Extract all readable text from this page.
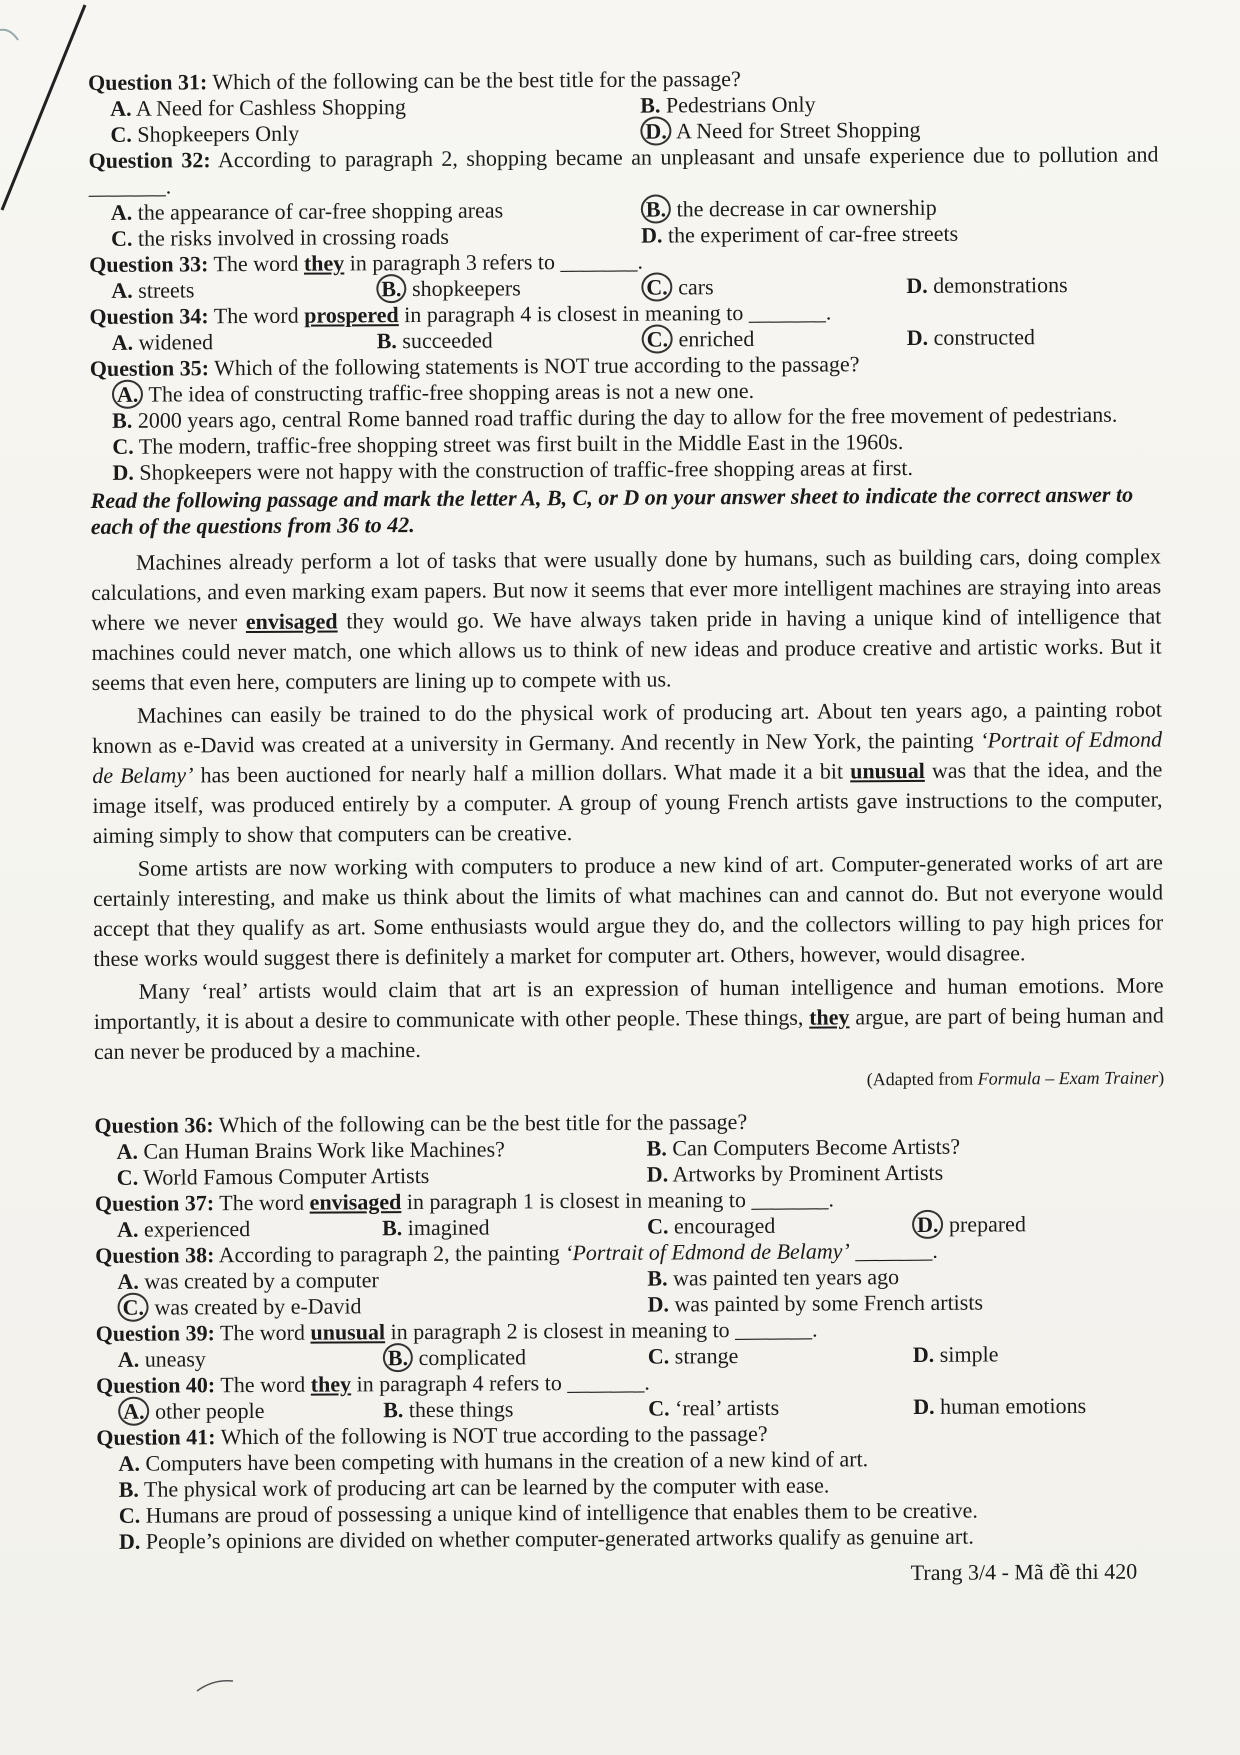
Question 31: Which of the following can be the best title for the passage?
A. A Need for Cashless Shopping	B. Pedestrians Only
C. Shopkeepers Only	D. A Need for Street Shopping
Question 32: According to paragraph 2, shopping became an unpleasant and unsafe experience due to pollution and _______.
A. the appearance of car-free shopping areas	B. the decrease in car ownership
C. the risks involved in crossing roads	D. the experiment of car-free streets
Question 33: The word they in paragraph 3 refers to _______.
A. streets	B. shopkeepers	C. cars	D. demonstrations
Question 34: The word prospered in paragraph 4 is closest in meaning to _______.
A. widened	B. succeeded	C. enriched	D. constructed
Question 35: Which of the following statements is NOT true according to the passage?
A. The idea of constructing traffic-free shopping areas is not a new one.
B. 2000 years ago, central Rome banned road traffic during the day to allow for the free movement of pedestrians.
C. The modern, traffic-free shopping street was first built in the Middle East in the 1960s.
D. Shopkeepers were not happy with the construction of traffic-free shopping areas at first.
Read the following passage and mark the letter A, B, C, or D on your answer sheet to indicate the correct answer to each of the questions from 36 to 42.

Machines already perform a lot of tasks that were usually done by humans, such as building cars, doing complex calculations, and even marking exam papers. But now it seems that ever more intelligent machines are straying into areas where we never envisaged they would go. We have always taken pride in having a unique kind of intelligence that machines could never match, one which allows us to think of new ideas and produce creative and artistic works. But it seems that even here, computers are lining up to compete with us.

Machines can easily be trained to do the physical work of producing art. About ten years ago, a painting robot known as e-David was created at a university in Germany. And recently in New York, the painting ‘Portrait of Edmond de Belamy’ has been auctioned for nearly half a million dollars. What made it a bit unusual was that the idea, and the image itself, was produced entirely by a computer. A group of young French artists gave instructions to the computer, aiming simply to show that computers can be creative.

Some artists are now working with computers to produce a new kind of art. Computer-generated works of art are certainly interesting, and make us think about the limits of what machines can and cannot do. But not everyone would accept that they qualify as art. Some enthusiasts would argue they do, and the collectors willing to pay high prices for these works would suggest there is definitely a market for computer art. Others, however, would disagree.

Many ‘real’ artists would claim that art is an expression of human intelligence and human emotions. More importantly, it is about a desire to communicate with other people. These things, they argue, are part of being human and can never be produced by a machine.

(Adapted from Formula – Exam Trainer)
Question 36: Which of the following can be the best title for the passage?
A. Can Human Brains Work like Machines?	B. Can Computers Become Artists?
C. World Famous Computer Artists	D. Artworks by Prominent Artists
Question 37: The word envisaged in paragraph 1 is closest in meaning to _______.
A. experienced	B. imagined	C. encouraged	D. prepared
Question 38: According to paragraph 2, the painting ‘Portrait of Edmond de Belamy’ _______.
A. was created by a computer	B. was painted ten years ago
C. was created by e-David	D. was painted by some French artists
Question 39: The word unusual in paragraph 2 is closest in meaning to _______.
A. uneasy	B. complicated	C. strange	D. simple
Question 40: The word they in paragraph 4 refers to _______.
A. other people	B. these things	C. ‘real’ artists	D. human emotions
Question 41: Which of the following is NOT true according to the passage?
A. Computers have been competing with humans in the creation of a new kind of art.
B. The physical work of producing art can be learned by the computer with ease.
C. Humans are proud of possessing a unique kind of intelligence that enables them to be creative.
D. People’s opinions are divided on whether computer-generated artworks qualify as genuine art.
Trang 3/4 - Mã đề thi 420
